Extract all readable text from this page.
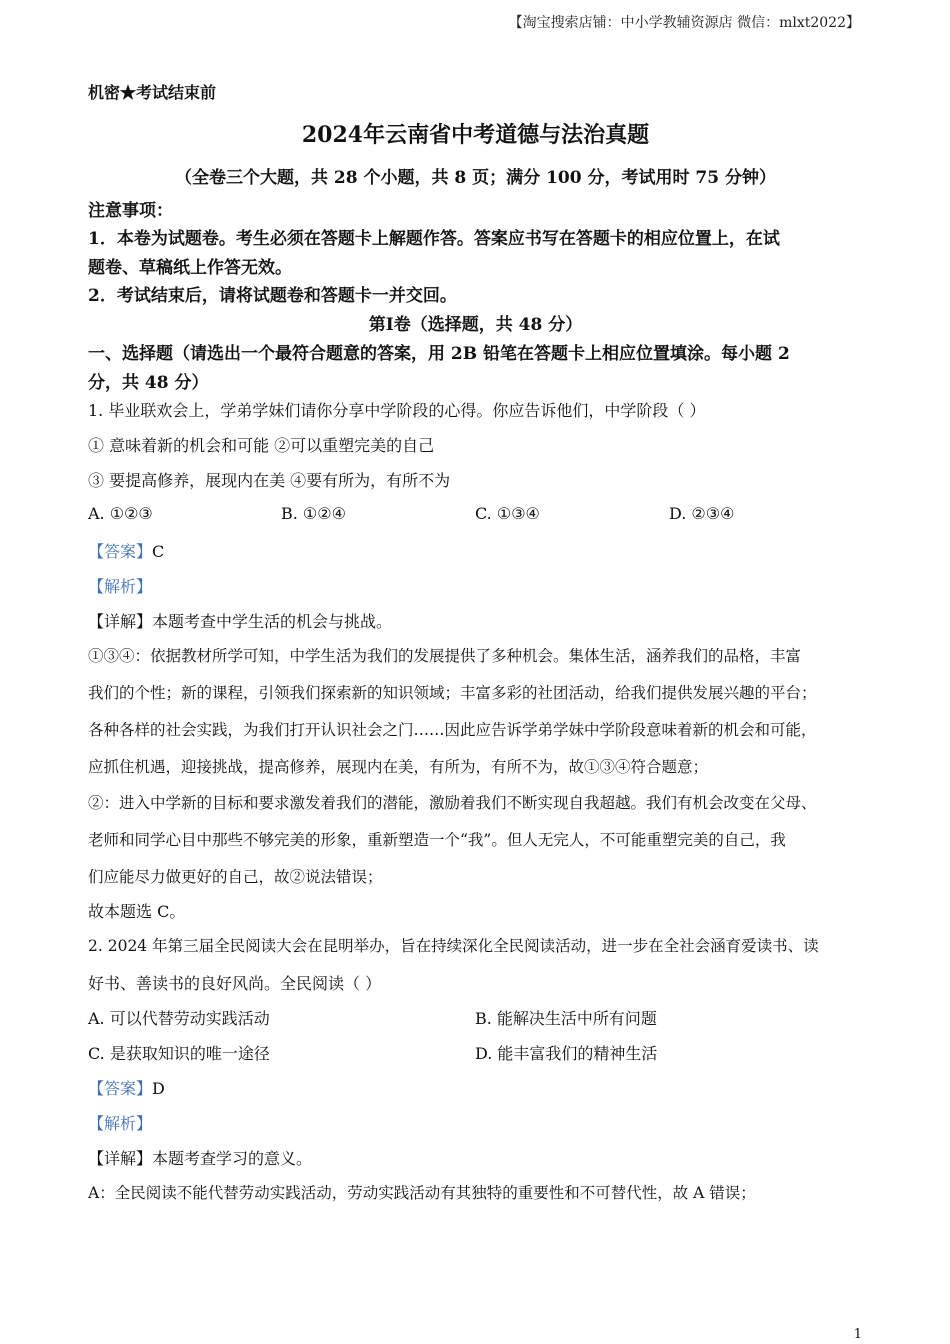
【淘宝搜索店铺：中小学教辅资源店 微信：mlxt2022】
机密★考试结束前
2024年云南省中考道德与法治真题
（全卷三个大题，共 28 个小题，共 8 页；满分 100 分，考试用时 75 分钟）
注意事项：
1．本卷为试题卷。考生必须在答题卡上解题作答。答案应书写在答题卡的相应位置上，在试
题卷、草稿纸上作答无效。
2．考试结束后，请将试题卷和答题卡一并交回。
第Ⅰ卷（选择题，共 48 分）
一、选择题（请选出一个最符合题意的答案，用 2B 铅笔在答题卡上相应位置填涂。每小题 2
分，共 48 分）
1. 毕业联欢会上，学弟学妹们请你分享中学阶段的心得。你应告诉他们，中学阶段（ ）
① 意味着新的机会和可能 ②可以重塑完美的自己
③ 要提高修养，展现内在美 ④要有所为，有所不为
A. ①②③	B. ①②④	C. ①③④	D. ②③④
【答案】C
【解析】
【详解】本题考查中学生活的机会与挑战。
①③④：依据教材所学可知，中学生活为我们的发展提供了多种机会。集体生活，涵养我们的品格，丰富
我们的个性；新的课程，引领我们探索新的知识领域；丰富多彩的社团活动，给我们提供发展兴趣的平台；
各种各样的社会实践，为我们打开认识社会之门……因此应告诉学弟学妹中学阶段意味着新的机会和可能，
应抓住机遇，迎接挑战，提高修养，展现内在美，有所为，有所不为，故①③④符合题意；
②：进入中学新的目标和要求激发着我们的潜能，激励着我们不断实现自我超越。我们有机会改变在父母、
老师和同学心目中那些不够完美的形象，重新塑造一个“我”。但人无完人，不可能重塑完美的自己，我
们应能尽力做更好的自己，故②说法错误；
故本题选 C。
2. 2024 年第三届全民阅读大会在昆明举办，旨在持续深化全民阅读活动，进一步在全社会涵育爱读书、读
好书、善读书的良好风尚。全民阅读（ ）
A. 可以代替劳动实践活动	B. 能解决生活中所有问题
C. 是获取知识的唯一途径	D. 能丰富我们的精神生活
【答案】D
【解析】
【详解】本题考查学习的意义。
A：全民阅读不能代替劳动实践活动，劳动实践活动有其独特的重要性和不可替代性，故 A 错误；
1
